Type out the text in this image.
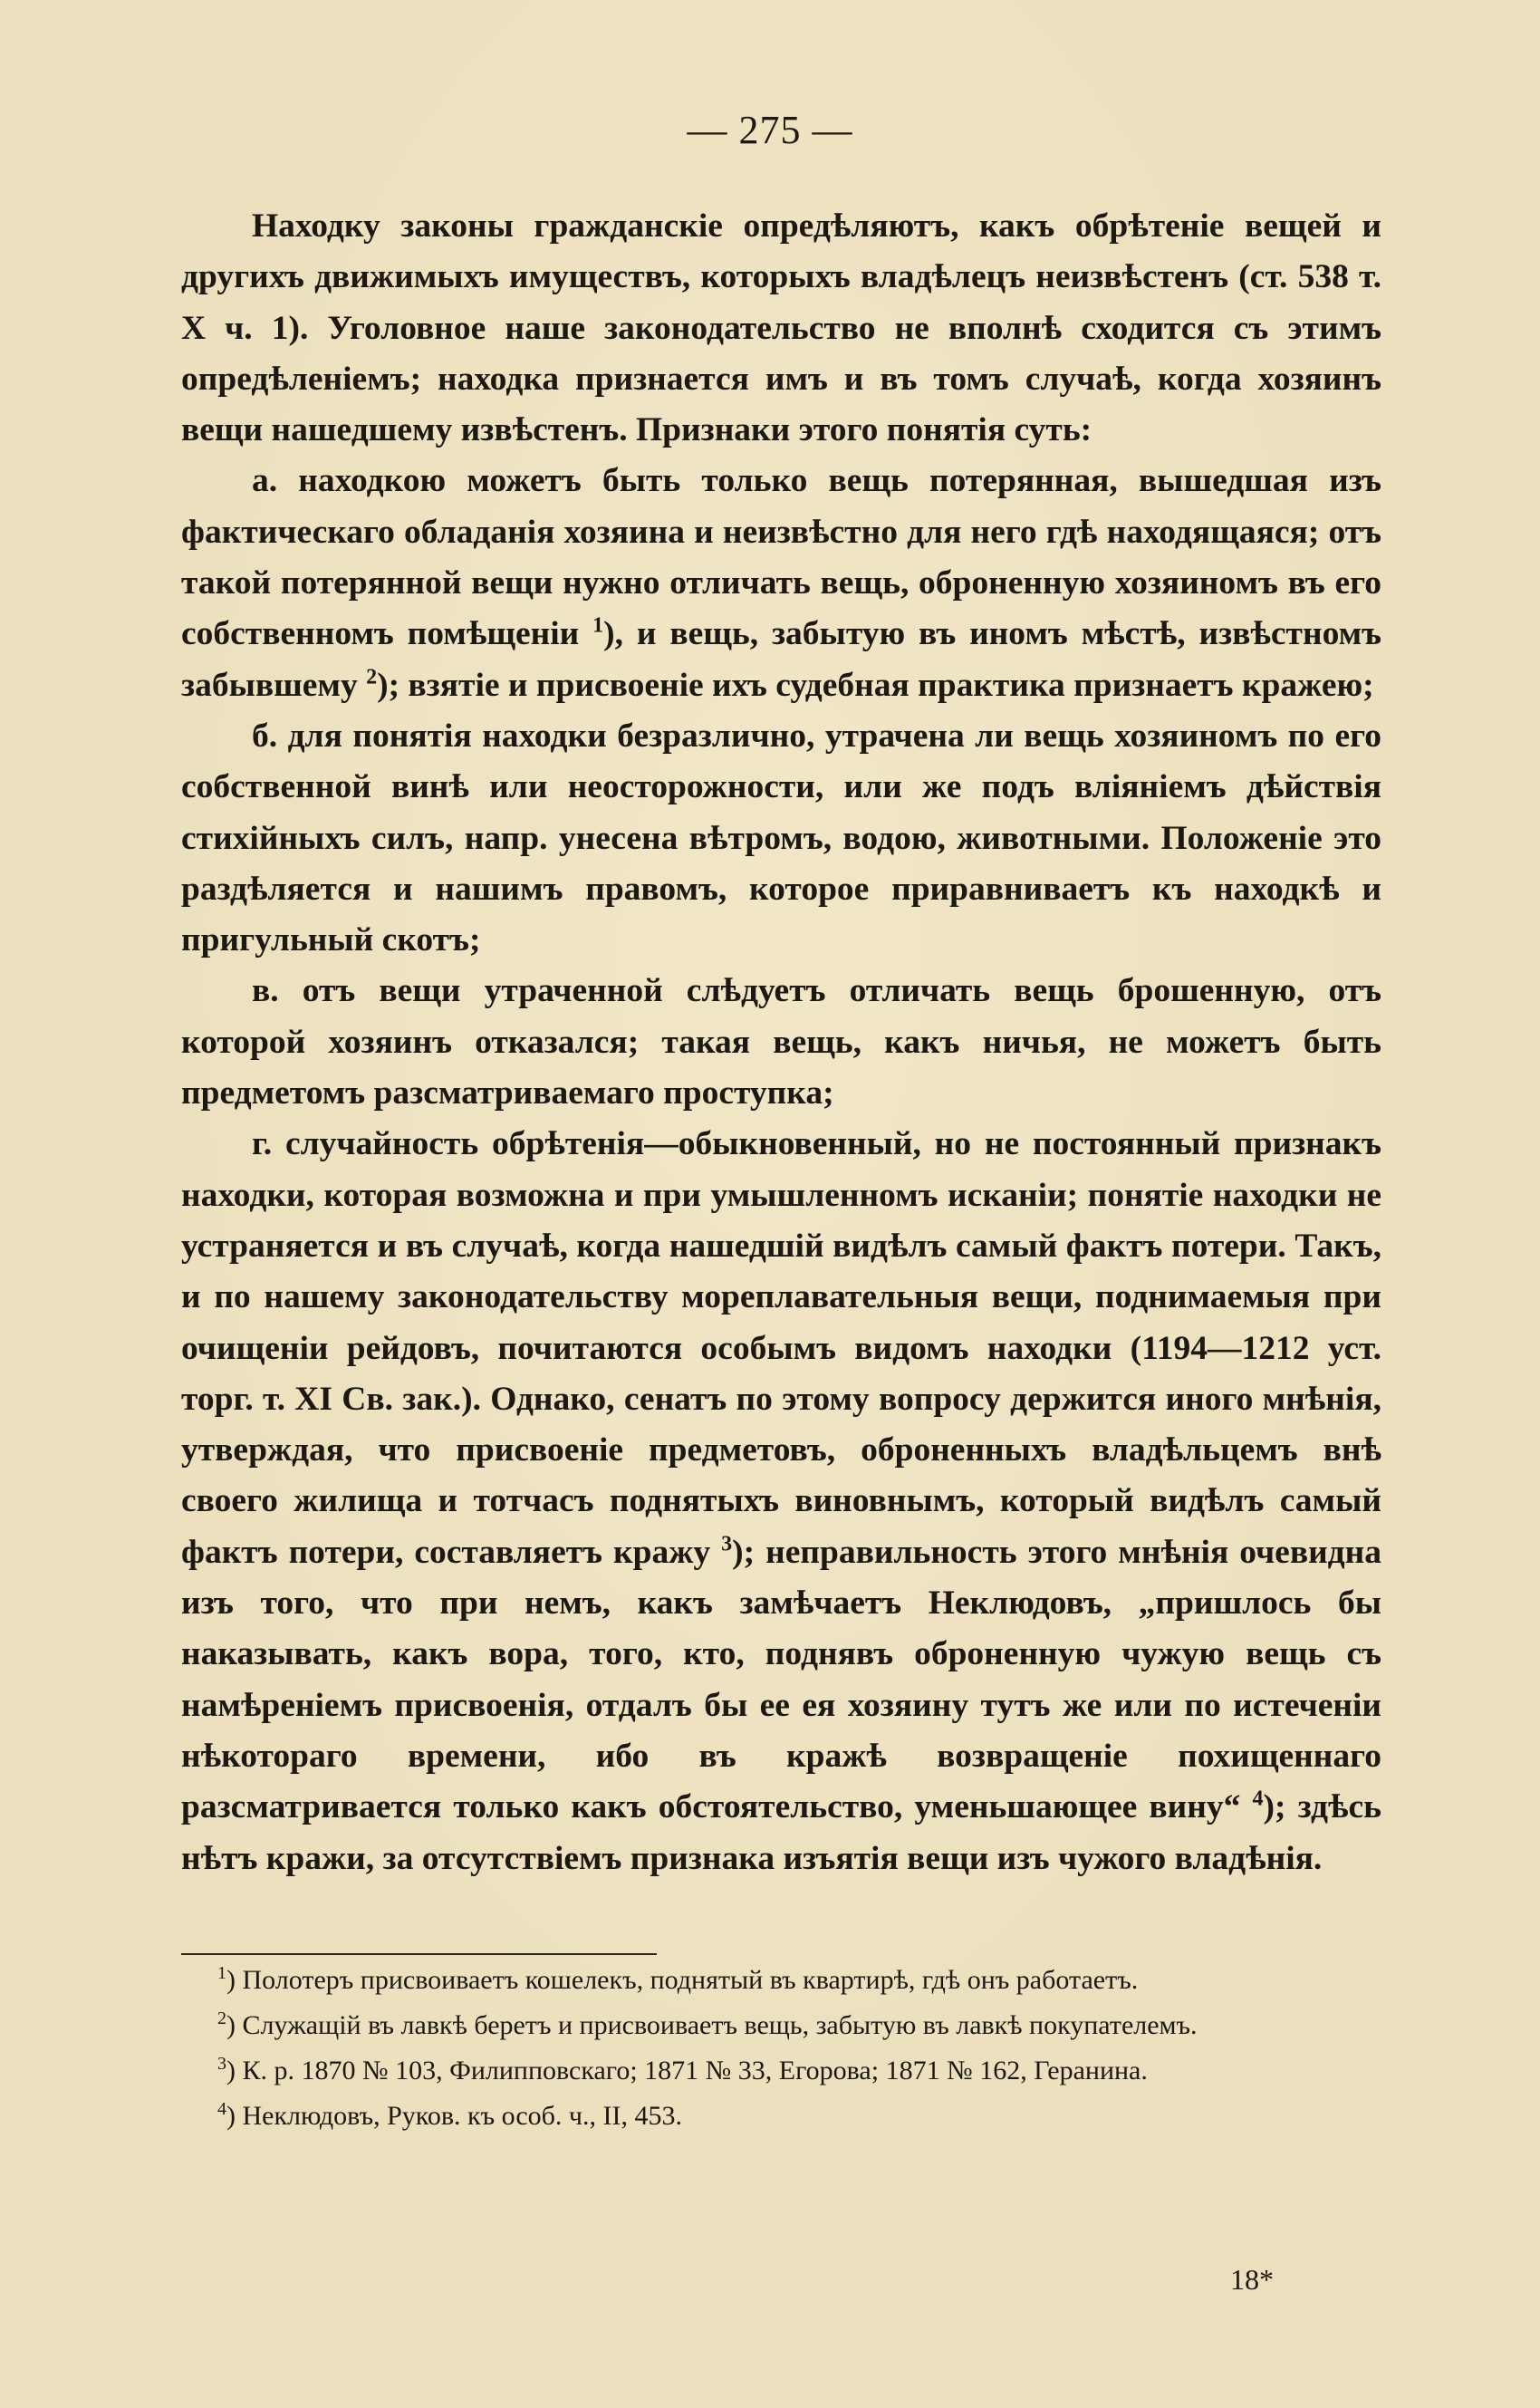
— 275 —

Находку законы гражданскіе опредѣляютъ, какъ обрѣтеніе вещей и другихъ движимыхъ имуществъ, которыхъ владѣлецъ неизвѣстенъ (ст. 538 т. X ч. 1). Уголовное наше законодательство не вполнѣ сходится съ этимъ опредѣленіемъ; находка признается имъ и въ томъ случаѣ, когда хозяинъ вещи нашедшему извѣстенъ. Признаки этого понятія суть:

а. находкою можетъ быть только вещь потерянная, вышедшая изъ фактическаго обладанія хозяина и неизвѣстно для него гдѣ находящаяся; отъ такой потерянной вещи нужно отличать вещь, оброненную хозяиномъ въ его собственномъ помѣщеніи $^1$), и вещь, забытую въ иномъ мѣстѣ, извѣстномъ забывшему $^2$); взятіе и присвоеніе ихъ судебная практика признаетъ кражею;

б. для понятія находки безразлично, утрачена ли вещь хозяиномъ по его собственной винѣ или неосторожности, или же подъ вліяніемъ дѣйствія стихійныхъ силъ, напр. унесена вѣтромъ, водою, животными. Положеніе это раздѣляется и нашимъ правомъ, которое приравниваетъ къ находкѣ и пригульный скотъ;

в. отъ вещи утраченной слѣдуетъ отличать вещь брошенную, отъ которой хозяинъ отказался; такая вещь, какъ ничья, не можетъ быть предметомъ разсматриваемаго проступка;

г. случайность обрѣтенія—обыкновенный, но не постоянный признакъ находки, которая возможна и при умышленномъ исканіи; понятіе находки не устраняется и въ случаѣ, когда нашедшій видѣлъ самый фактъ потери. Такъ, и по нашему законодательству мореплавательныя вещи, поднимаемыя при очищеніи рейдовъ, почитаются особымъ видомъ находки (1194—1212 уст. торг. т. XI Св. зак.). Однако, сенатъ по этому вопросу держится иного мнѣнія, утверждая, что присвоеніе предметовъ, оброненныхъ владѣльцемъ внѣ своего жилища и тотчасъ поднятыхъ виновнымъ, который видѣлъ самый фактъ потери, составляетъ кражу $^3$); неправильность этого мнѣнія очевидна изъ того, что при немъ, какъ замѣчаетъ Неклюдовъ, „пришлось бы наказывать, какъ вора, того, кто, поднявъ оброненную чужую вещь съ намѣреніемъ присвоенія, отдалъ бы ее ея хозяину тутъ же или по истеченіи нѣкотораго времени, ибо въ кражѣ возвращеніе похищеннаго разсматривается только какъ обстоятельство, уменьшающее вину“ $^4$); здѣсь нѣтъ кражи, за отсутствіемъ признака изъятія вещи изъ чужого владѣнія.

$^1$) Полотеръ присвоиваетъ кошелекъ, поднятый въ квартирѣ, гдѣ онъ работаетъ.

$^2$) Служащій въ лавкѣ беретъ и присвоиваетъ вещь, забытую въ лавкѣ покупателемъ.

$^3$) К. р. 1870 № 103, Филипповскаго; 1871 № 33, Егорова; 1871 № 162, Геранина.

$^4$) Неклюдовъ, Руков. къ особ. ч., II, 453.

18*
